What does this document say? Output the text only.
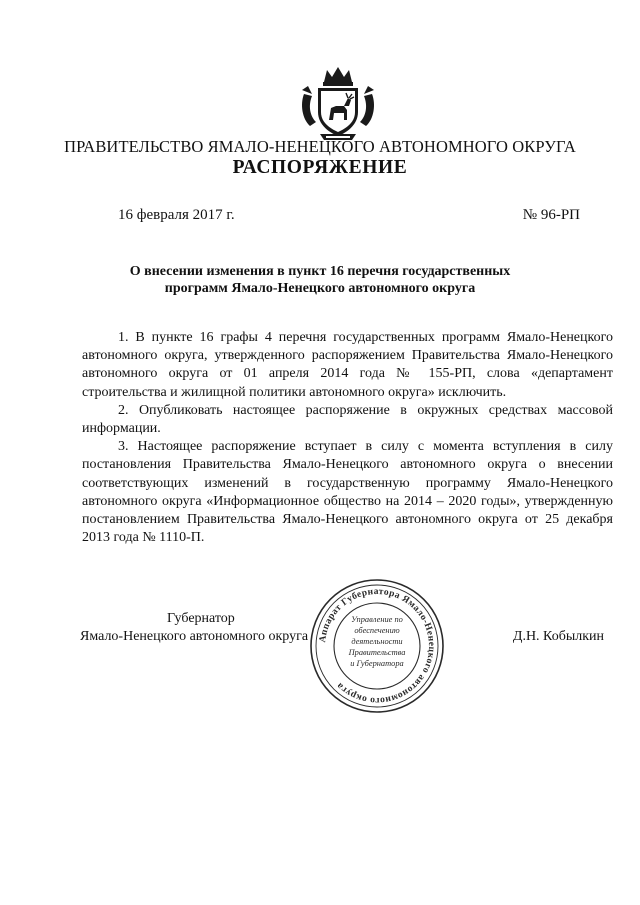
ПРАВИТЕЛЬСТВО ЯМАЛО-НЕНЕЦКОГО АВТОНОМНОГО ОКРУГА
РАСПОРЯЖЕНИЕ
16 февраля 2017 г.	№ 96-РП
О внесении изменения в пункт 16 перечня государственных
программ Ямало-Ненецкого автономного округа

1. В пункте 16 графы 4 перечня государственных программ Ямало-Ненецкого автономного округа, утвержденного распоряжением Правительства Ямало-Ненецкого автономного округа от 01 апреля 2014 года № 155-РП, слова «департамент строительства и жилищной политики автономного округа» исключить.

2. Опубликовать настоящее распоряжение в окружных средствах массовой информации.

3. Настоящее распоряжение вступает в силу с момента вступления в силу постановления Правительства Ямало-Ненецкого автономного округа о внесении соответствующих изменений в государственную программу Ямало-Ненецкого автономного округа «Информационное общество на 2014 – 2020 годы», утвержденную постановлением Правительства Ямало-Ненецкого автономного округа от 25 декабря 2013 года № 1110-П.

Губернатор
Ямало-Ненецкого автономного округа	Д.Н. Кобылкин
Аппарат Губернатора Ямало-Ненецкого автономного округа
Управление по
обеспечению
деятельности
Правительства
и Губернатора
